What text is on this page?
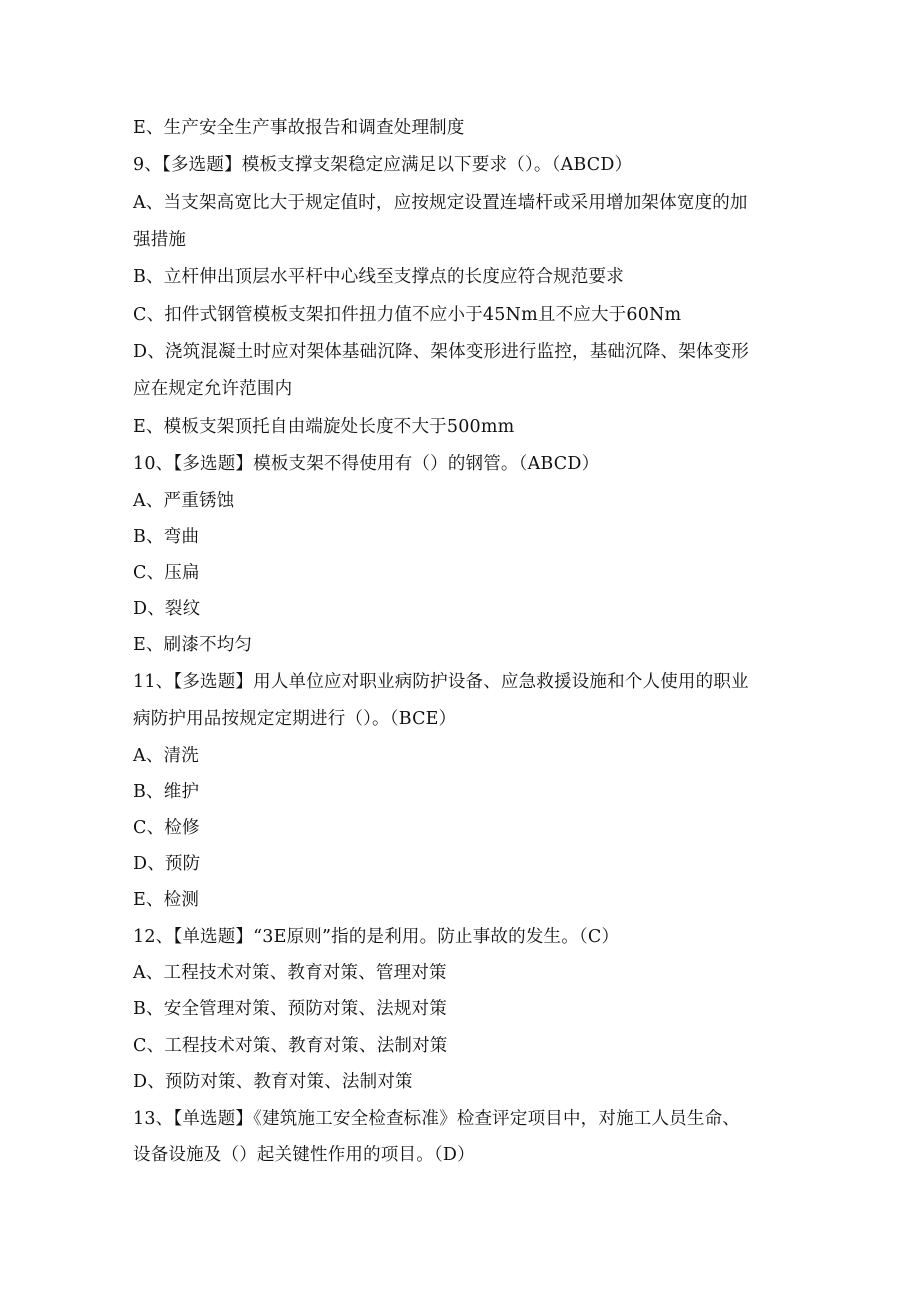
E、生产安全生产事故报告和调查处理制度
9、【多选题】模板支撑支架稳定应满足以下要求（）。（ABCD）
A、当支架高宽比大于规定值时，应按规定设置连墙杆或采用增加架体宽度的加
强措施
B、立杆伸出顶层水平杆中心线至支撑点的长度应符合规范要求
C、扣件式钢管模板支架扣件扭力值不应小于45Nm且不应大于60Nm
D、浇筑混凝土时应对架体基础沉降、架体变形进行监控，基础沉降、架体变形
应在规定允许范围内
E、模板支架顶托自由端旋处长度不大于500mm
10、【多选题】模板支架不得使用有（）的钢管。（ABCD）
A、严重锈蚀
B、弯曲
C、压扁
D、裂纹
E、刷漆不均匀
11、【多选题】用人单位应对职业病防护设备、应急救援设施和个人使用的职业
病防护用品按规定定期进行（）。（BCE）
A、清洗
B、维护
C、检修
D、预防
E、检测
12、【单选题】“3E原则”指的是利用。防止事故的发生。（C）
A、工程技术对策、教育对策、管理对策
B、安全管理对策、预防对策、法规对策
C、工程技术对策、教育对策、法制对策
D、预防对策、教育对策、法制对策
13、【单选题】《建筑施工安全检查标准》检查评定项目中，对施工人员生命、
设备设施及（）起关键性作用的项目。（D）
